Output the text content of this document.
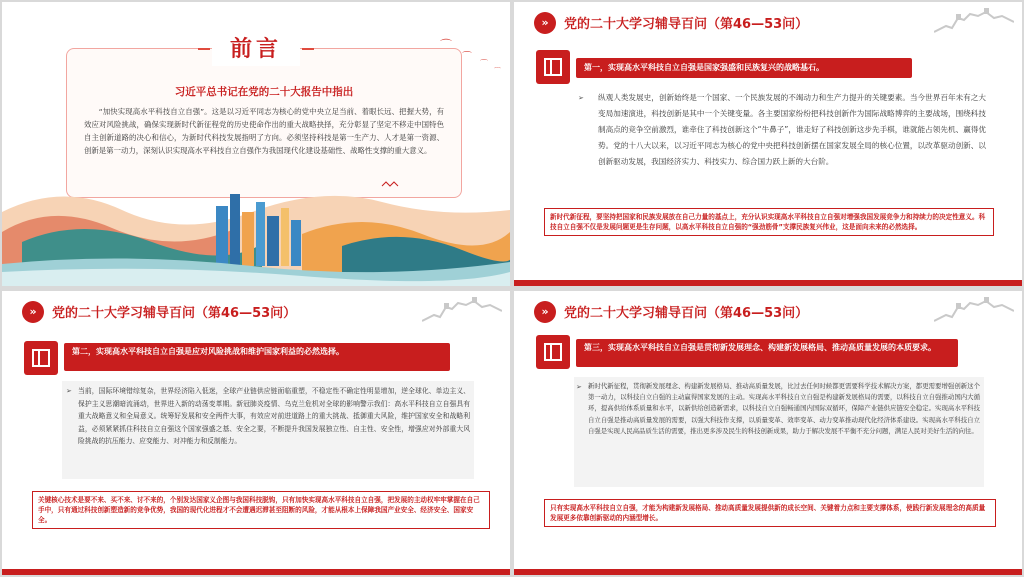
前言	⌒
⌒
⌒
⌒
习近平总书记在党的二十大报告中指出
“加快实现高水平科技自立自强”。这是以习近平同志为核心的党中央立足当前、着眼长远、把握大势，有效应对风险挑战，确保实现新时代新征程党的历史使命作出的重大战略抉择，充分彰显了坚定不移走中国特色自主创新道路的决心和信心，为新时代科技发展指明了方向。必须坚持科技是第一生产力、人才是第一资源、创新是第一动力，深刻认识实现高水平科技自立自强作为我国现代化建设基础性、战略性支撑的重大意义。
»	党的二十大学习辅导百问（第46—53问）
第一，实现高水平科技自立自强是国家强盛和民族复兴的战略基石。
➢ 纵观人类发展史，创新始终是一个国家、一个民族发展的不竭动力和生产力提升的关键要素。当今世界百年未有之大变局加速演进，科技创新是其中一个关键变量。各主要国家纷纷把科技创新作为国际战略博弈的主要战场，围绕科技制高点的竞争空前激烈，谁牵住了科技创新这个“牛鼻子”，谁走好了科技创新这步先手棋，谁就能占领先机、赢得优势。党的十八大以来，以习近平同志为核心的党中央把科技创新摆在国家发展全局的核心位置，以改革驱动创新、以创新驱动发展，我国经济实力、科技实力、综合国力跃上新的大台阶。
新时代新征程，要坚持把国家和民族发展放在自己力量的基点上，充分认识实现高水平科技自立自强对增强我国发展竞争力和持续力的决定性意义。科技自立自强不仅是发展问题更是生存问题，以高水平科技自立自强的“强劲筋骨”支撑民族复兴伟业，这是面向未来的必然选择。
»	党的二十大学习辅导百问（第46—53问）
第二，实现高水平科技自立自强是应对风险挑战和维护国家利益的必然选择。
➢ 当前，国际环境错综复杂，世界经济陷入低迷，全球产业链供应链面临重塑，不稳定性不确定性明显增加，逆全球化、单边主义、保护主义思潮暗流涌动，世界进入新的动荡变革期。新冠肺炎疫情、乌克兰危机对全球的影响警示我们：高水平科技自立自强具有重大战略意义和全局意义。统筹好发展和安全两件大事，有效应对前进道路上的重大挑战、抵御重大风险，维护国家安全和战略利益，必须紧紧抓住科技自立自强这个国家强盛之基、安全之要，不断提升我国发展独立性、自主性、安全性，增强应对外部重大风险挑战的抗压能力、应变能力、对冲能力和反制能力。
关键核心技术是要不来、买不来、讨不来的，个别发达国家义企图与我国科技脱钩，只有加快实现高水平科技自立自强，把发展的主动权牢牢掌握在自己手中，只有通过科技创新塑造新的竞争优势，我国的现代化进程才不会遭遇迟滞甚至阻断的风险，才能从根本上保障我国产业安全、经济安全、国家安全。
»	党的二十大学习辅导百问（第46—53问）
第三，实现高水平科技自立自强是贯彻新发展理念、构建新发展格局、推动高质量发展的本质要求。
➢ 新时代新征程，贯彻新发展理念、构建新发展格局、推动高质量发展，比过去任何时候都更需要科学技术解决方案，都更需要增强创新这个第一动力，以科技自立自强的主动赢得国家发展的主动。实现高水平科技自立自强是构建新发展格局的需要，以科技自立自强推动国内大循环，提高供给体系质量和水平，以新供给创造新需求，以科技自立自强畅通国内国际双循环，保障产业链供应链安全稳定。实现高水平科技自立自强是推动高质量发展的需要，以强大科技作支撑，以质量变革、效率变革、动力变革推动现代化经济体系建设。实现高水平科技自立自强是实现人民高品质生活的需要，推出更多涉及民生的科技创新成果，助力于解决发展不平衡不充分问题，满足人民对美好生活的向往。
只有实现高水平科技自立自强，才能为构建新发展格局、推动高质量发展提供新的成长空间、关键着力点和主要支撑体系，使践行新发展理念的高质量发展更多依靠创新驱动的内涵型增长。
